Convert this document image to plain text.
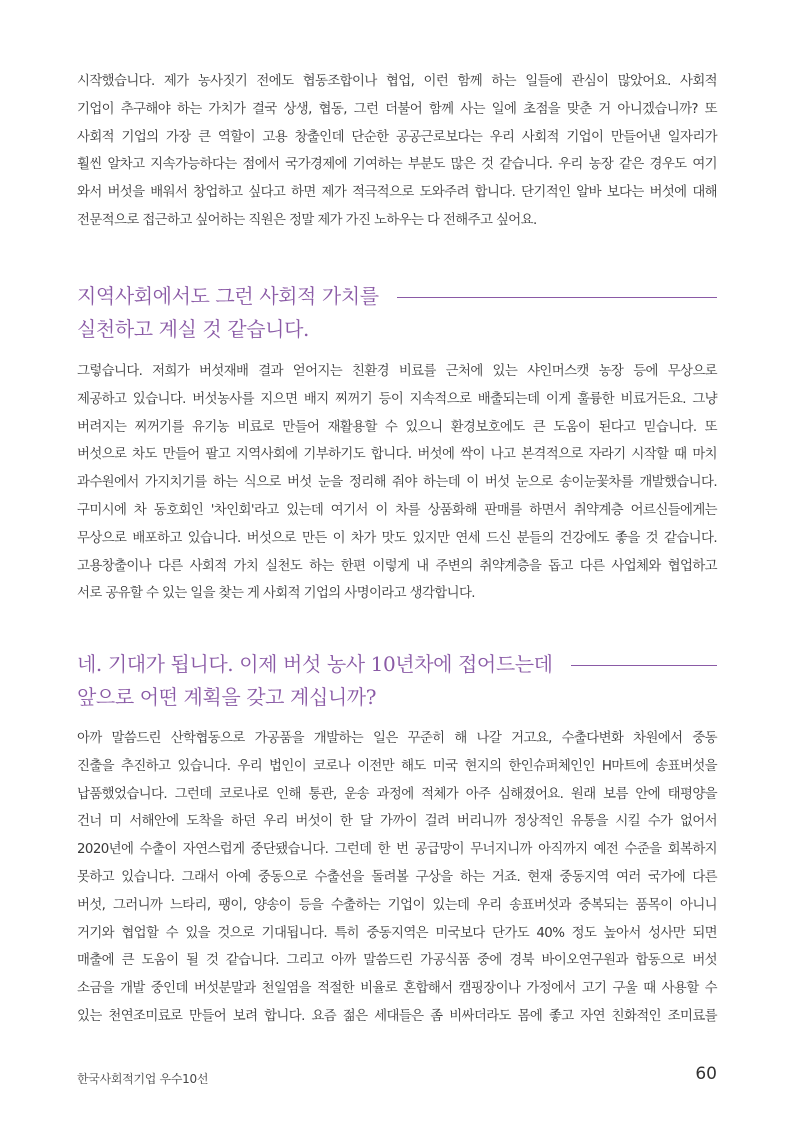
시작했습니다. 제가 농사짓기 전에도 협동조합이나 협업, 이런 함께 하는 일들에 관심이 많았어요. 사회적
기업이 추구해야 하는 가치가 결국 상생, 협동, 그런 더불어 함께 사는 일에 초점을 맞춘 거 아니겠습니까? 또
사회적 기업의 가장 큰 역할이 고용 창출인데 단순한 공공근로보다는 우리 사회적 기업이 만들어낸 일자리가
훨씬 알차고 지속가능하다는 점에서 국가경제에 기여하는 부분도 많은 것 같습니다. 우리 농장 같은 경우도 여기
와서 버섯을 배워서 창업하고 싶다고 하면 제가 적극적으로 도와주려 합니다. 단기적인 알바 보다는 버섯에 대해
전문적으로 접근하고 싶어하는 직원은 정말 제가 가진 노하우는 다 전해주고 싶어요.
지역사회에서도 그런 사회적 가치를
실천하고 계실 것 같습니다.
그렇습니다. 저희가 버섯재배 결과 얻어지는 친환경 비료를 근처에 있는 샤인머스캣 농장 등에 무상으로
제공하고 있습니다. 버섯농사를 지으면 배지 찌꺼기 등이 지속적으로 배출되는데 이게 훌륭한 비료거든요. 그냥
버려지는 찌꺼기를 유기농 비료로 만들어 재활용할 수 있으니 환경보호에도 큰 도움이 된다고 믿습니다. 또
버섯으로 차도 만들어 팔고 지역사회에 기부하기도 합니다. 버섯에 싹이 나고 본격적으로 자라기 시작할 때 마치
과수원에서 가지치기를 하는 식으로 버섯 눈을 정리해 줘야 하는데 이 버섯 눈으로 송이눈꽃차를 개발했습니다.
구미시에 차 동호회인 '차인회'라고 있는데 여기서 이 차를 상품화해 판매를 하면서 취약계층 어르신들에게는
무상으로 배포하고 있습니다. 버섯으로 만든 이 차가 맛도 있지만 연세 드신 분들의 건강에도 좋을 것 같습니다.
고용창출이나 다른 사회적 가치 실천도 하는 한편 이렇게 내 주변의 취약계층을 돕고 다른 사업체와 협업하고
서로 공유할 수 있는 일을 찾는 게 사회적 기업의 사명이라고 생각합니다.
네. 기대가 됩니다. 이제 버섯 농사 10년차에 접어드는데
앞으로 어떤 계획을 갖고 계십니까?
아까 말씀드린 산학협동으로 가공품을 개발하는 일은 꾸준히 해 나갈 거고요, 수출다변화 차원에서 중동
진출을 추진하고 있습니다. 우리 법인이 코로나 이전만 해도 미국 현지의 한인슈퍼체인인 H마트에 송표버섯을
납품했었습니다. 그런데 코로나로 인해 통관, 운송 과정에 적체가 아주 심해졌어요. 원래 보름 안에 태평양을
건너 미 서해안에 도착을 하던 우리 버섯이 한 달 가까이 걸려 버리니까 정상적인 유통을 시킬 수가 없어서
2020년에 수출이 자연스럽게 중단됐습니다. 그런데 한 번 공급망이 무너지니까 아직까지 예전 수준을 회복하지
못하고 있습니다. 그래서 아예 중동으로 수출선을 돌려볼 구상을 하는 거죠. 현재 중동지역 여러 국가에 다른
버섯, 그러니까 느타리, 팽이, 양송이 등을 수출하는 기업이 있는데 우리 송표버섯과 중복되는 품목이 아니니
거기와 협업할 수 있을 것으로 기대됩니다. 특히 중동지역은 미국보다 단가도 40% 정도 높아서 성사만 되면
매출에 큰 도움이 될 것 같습니다. 그리고 아까 말씀드린 가공식품 중에 경북 바이오연구원과 합동으로 버섯
소금을 개발 중인데 버섯분말과 천일염을 적절한 비율로 혼합해서 캠핑장이나 가정에서 고기 구울 때 사용할 수
있는 천연조미료로 만들어 보려 합니다. 요즘 젊은 세대들은 좀 비싸더라도 몸에 좋고 자연 친화적인 조미료를
한국사회적기업 우수10선	60
